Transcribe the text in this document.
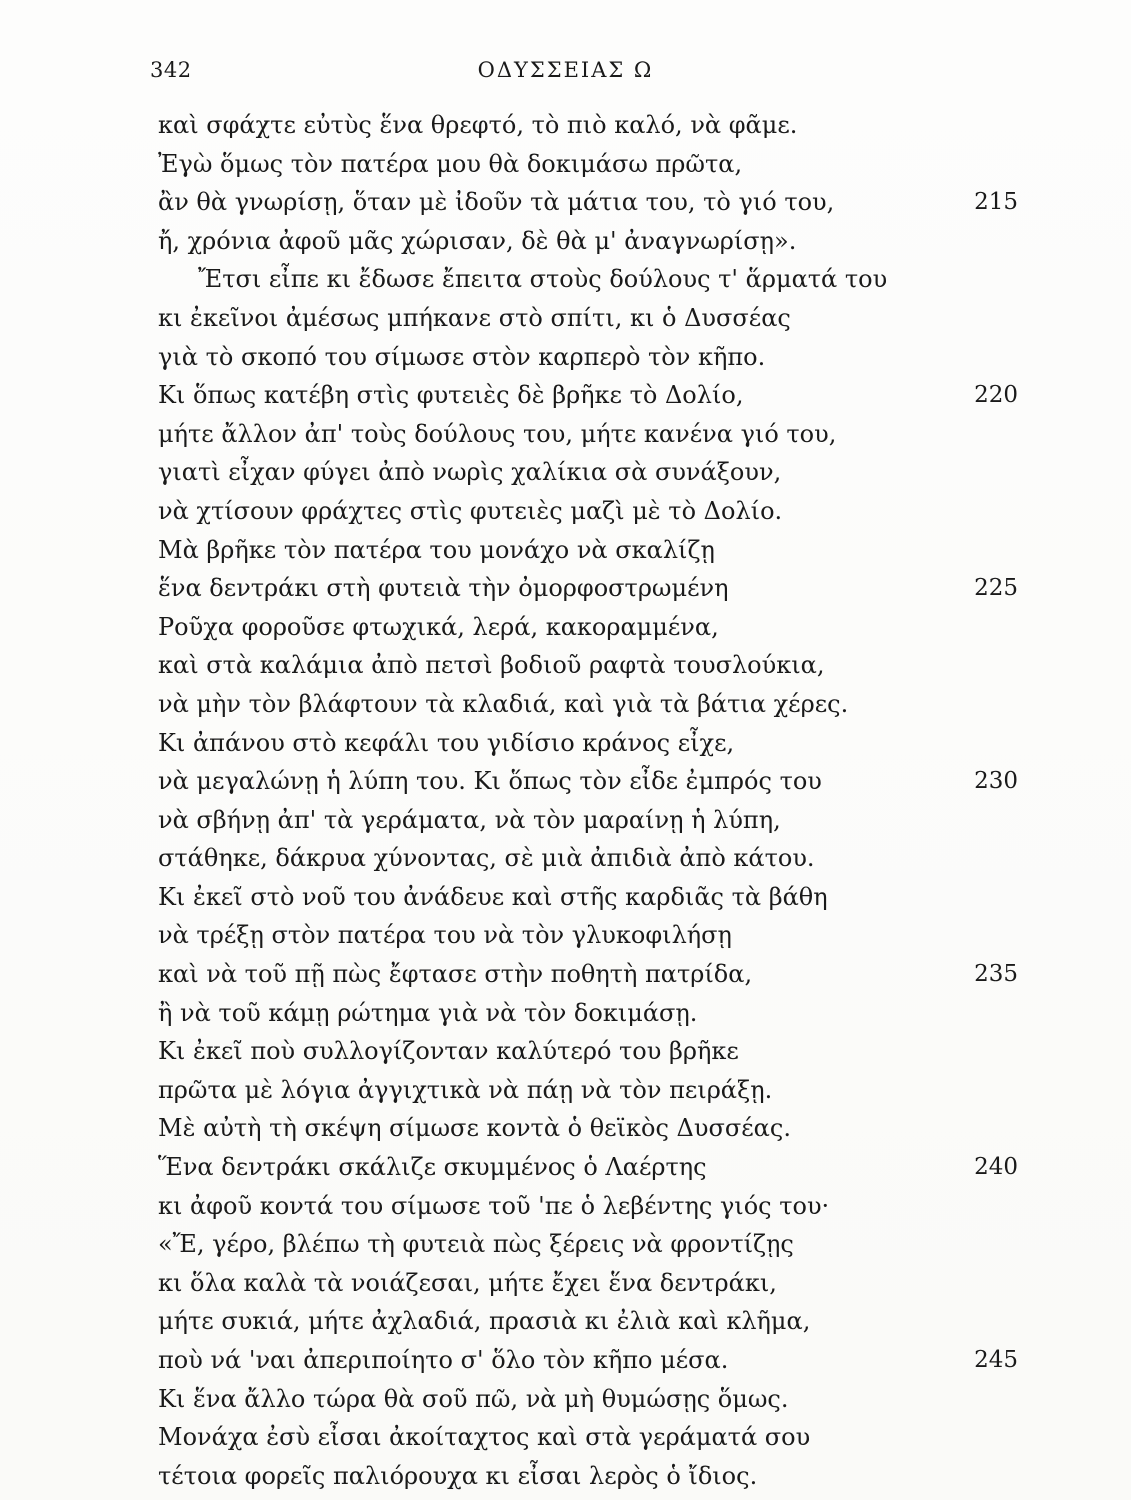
342	ΟΔΥΣΣΕΙΑΣ Ω
καὶ σφάχτε εὐτὺς ἕνα θρεφτό, τὸ πιὸ καλό, νὰ φᾶμε.
Ἐγὼ ὅμως τὸν πατέρα μου θὰ δοκιμάσω πρῶτα,
ἂν θὰ γνωρίσῃ, ὅταν μὲ ἰδοῦν τὰ μάτια του, τὸ γιό του,	215
ἤ, χρόνια ἀφοῦ μᾶς χώρισαν, δὲ θὰ μ' ἀναγνωρίσῃ».
Ἔτσι εἶπε κι ἔδωσε ἔπειτα στοὺς δούλους τ' ἅρματά του
κι ἐκεῖνοι ἀμέσως μπήκανε στὸ σπίτι, κι ὁ Δυσσέας
γιὰ τὸ σκοπό του σίμωσε στὸν καρπερὸ τὸν κῆπο.
Κι ὅπως κατέβη στὶς φυτειὲς δὲ βρῆκε τὸ Δολίο,	220
μήτε ἄλλον ἀπ' τοὺς δούλους του, μήτε κανένα γιό του,
γιατὶ εἶχαν φύγει ἀπὸ νωρὶς χαλίκια σὰ συνάξουν,
νὰ χτίσουν φράχτες στὶς φυτειὲς μαζὶ μὲ τὸ Δολίο.
Μὰ βρῆκε τὸν πατέρα του μονάχο νὰ σκαλίζῃ
ἕνα δεντράκι στὴ φυτειὰ τὴν ὀμορφοστρωμένη	225
Ροῦχα φοροῦσε φτωχικά, λερά, κακοραμμένα,
καὶ στὰ καλάμια ἀπὸ πετσὶ βοδιοῦ ραφτὰ τουσλούκια,
νὰ μὴν τὸν βλάφτουν τὰ κλαδιά, καὶ γιὰ τὰ βάτια χέρες.
Κι ἀπάνου στὸ κεφάλι του γιδίσιο κράνος εἶχε,
νὰ μεγαλώνῃ ἡ λύπη του. Κι ὅπως τὸν εἶδε ἐμπρός του	230
νὰ σβήνῃ ἀπ' τὰ γεράματα, νὰ τὸν μαραίνῃ ἡ λύπη,
στάθηκε, δάκρυα χύνοντας, σὲ μιὰ ἀπιδιὰ ἀπὸ κάτου.
Κι ἐκεῖ στὸ νοῦ του ἀνάδευε καὶ στῆς καρδιᾶς τὰ βάθη
νὰ τρέξῃ στὸν πατέρα του νὰ τὸν γλυκοφιλήσῃ
καὶ νὰ τοῦ πῇ πὼς ἔφτασε στὴν ποθητὴ πατρίδα,	235
ἢ νὰ τοῦ κάμῃ ρώτημα γιὰ νὰ τὸν δοκιμάσῃ.
Κι ἐκεῖ ποὺ συλλογίζονταν καλύτερό του βρῆκε
πρῶτα μὲ λόγια ἀγγιχτικὰ νὰ πάῃ νὰ τὸν πειράξῃ.
Μὲ αὐτὴ τὴ σκέψη σίμωσε κοντὰ ὁ θεϊκὸς Δυσσέας.
Ἕνα δεντράκι σκάλιζε σκυμμένος ὁ Λαέρτης	240
κι ἀφοῦ κοντά του σίμωσε τοῦ 'πε ὁ λεβέντης γιός του·
«Ἔ, γέρο, βλέπω τὴ φυτειὰ πὼς ξέρεις νὰ φροντίζῃς
κι ὅλα καλὰ τὰ νοιάζεσαι, μήτε ἔχει ἕνα δεντράκι,
μήτε συκιά, μήτε ἀχλαδιά, πρασιὰ κι ἐλιὰ καὶ κλῆμα,
ποὺ νά 'ναι ἀπεριποίητο σ' ὅλο τὸν κῆπο μέσα.	245
Κι ἕνα ἄλλο τώρα θὰ σοῦ πῶ, νὰ μὴ θυμώσῃς ὅμως.
Μονάχα ἐσὺ εἶσαι ἀκοίταχτος καὶ στὰ γεράματά σου
τέτοια φορεῖς παλιόρουχα κι εἶσαι λερὸς ὁ ἴδιος.
